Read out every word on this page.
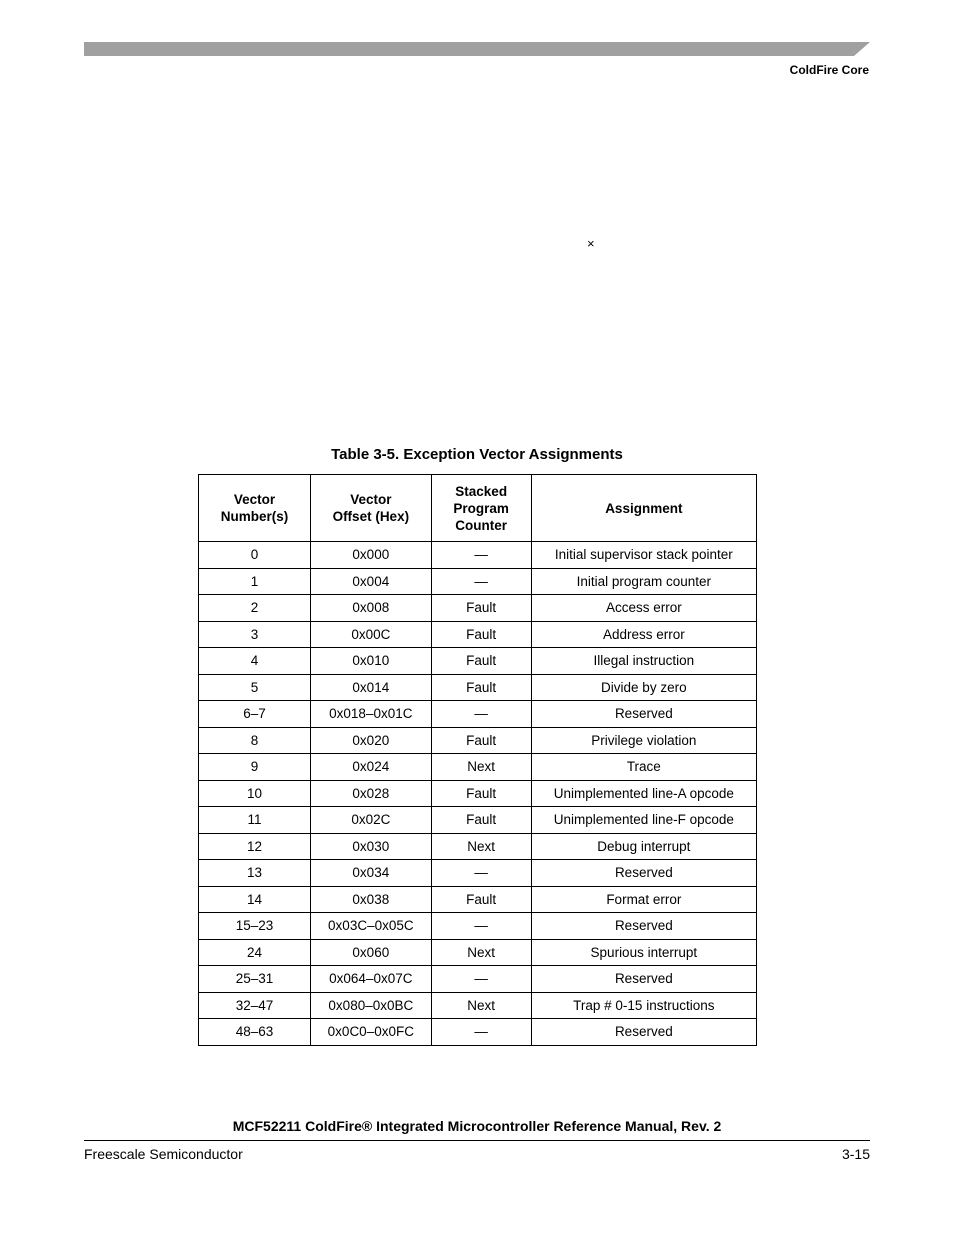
ColdFire Core
×
Table 3-5. Exception Vector Assignments
Vector Number(s)	Vector Offset (Hex)	Stacked Program Counter	Assignment
0	0x000	—	Initial supervisor stack pointer
1	0x004	—	Initial program counter
2	0x008	Fault	Access error
3	0x00C	Fault	Address error
4	0x010	Fault	Illegal instruction
5	0x014	Fault	Divide by zero
6–7	0x018–0x01C	—	Reserved
8	0x020	Fault	Privilege violation
9	0x024	Next	Trace
10	0x028	Fault	Unimplemented line-A opcode
11	0x02C	Fault	Unimplemented line-F opcode
12	0x030	Next	Debug interrupt
13	0x034	—	Reserved
14	0x038	Fault	Format error
15–23	0x03C–0x05C	—	Reserved
24	0x060	Next	Spurious interrupt
25–31	0x064–0x07C	—	Reserved
32–47	0x080–0x0BC	Next	Trap # 0-15 instructions
48–63	0x0C0–0x0FC	—	Reserved
MCF52211 ColdFire® Integrated Microcontroller Reference Manual, Rev. 2
Freescale Semiconductor	3-15
